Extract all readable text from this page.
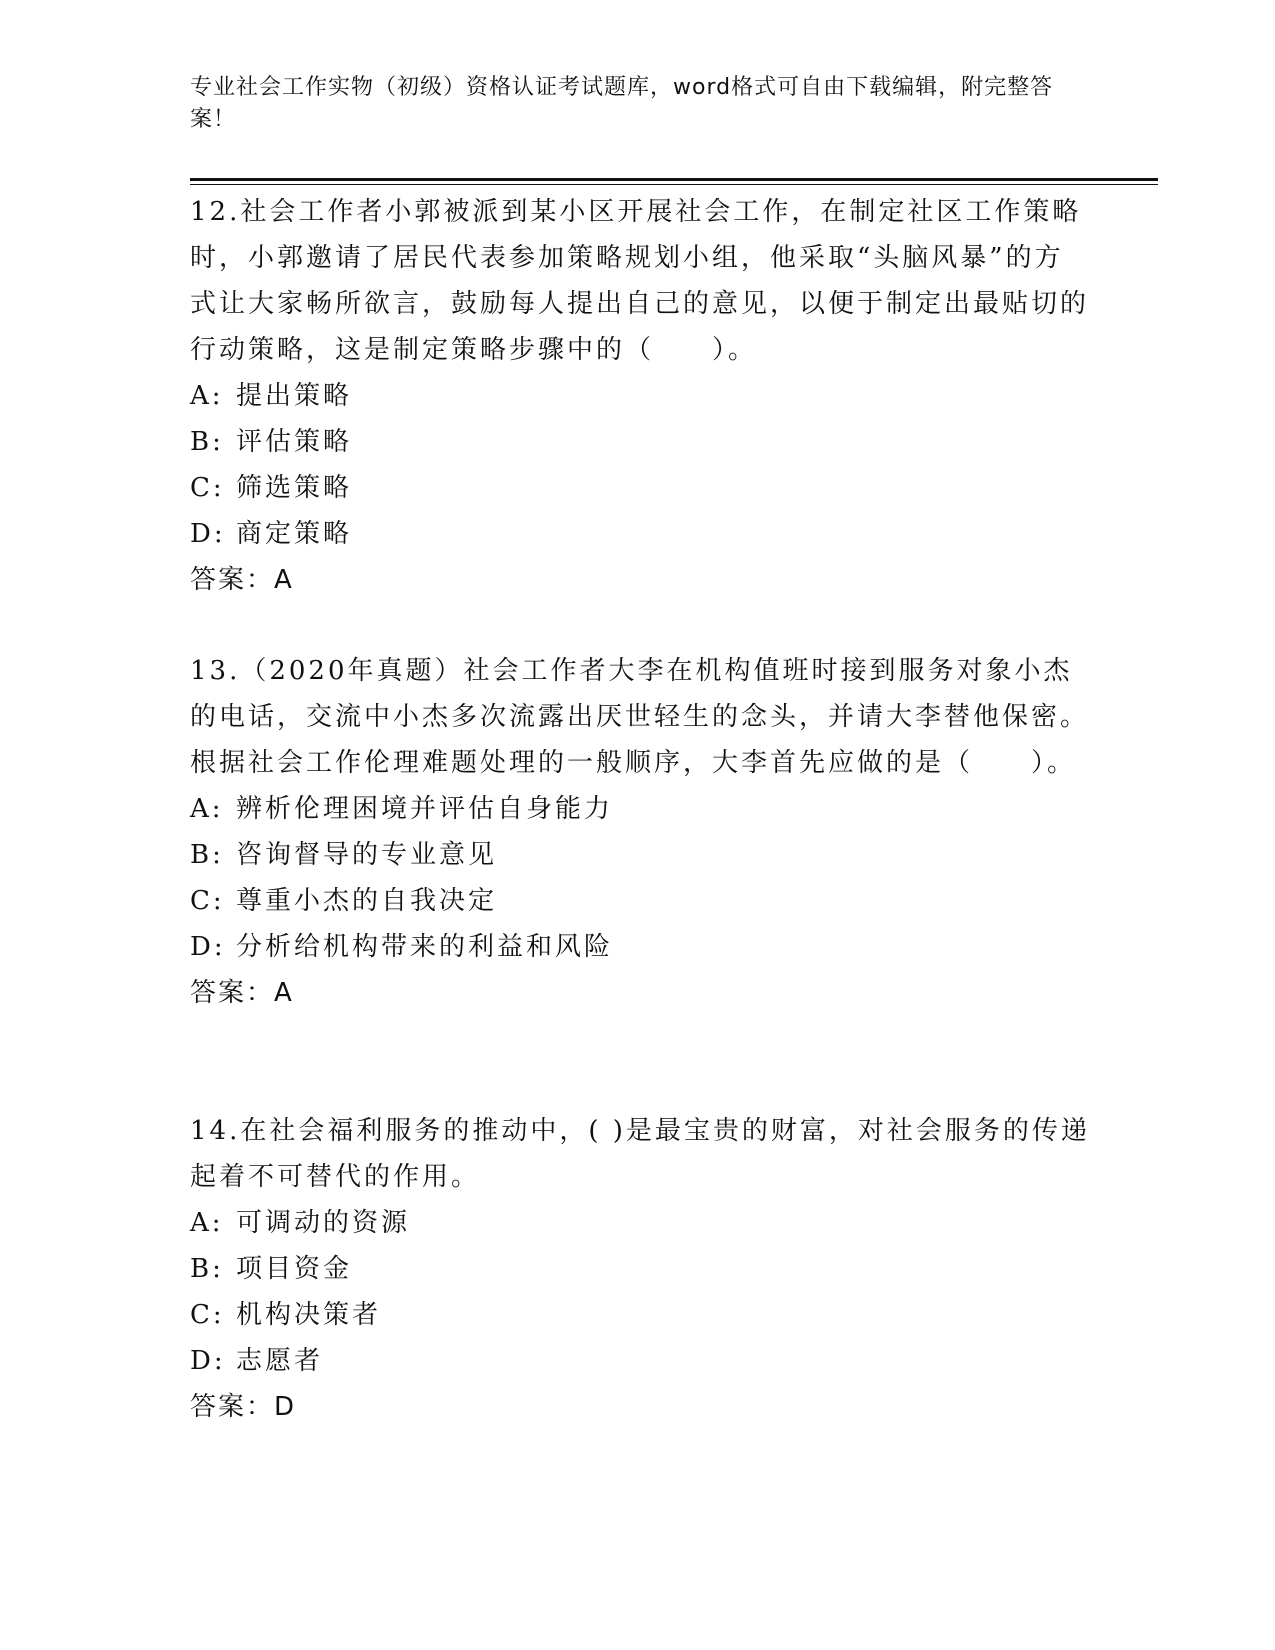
专业社会工作实物（初级）资格认证考试题库，word格式可自由下载编辑，附完整答案！

12.社会工作者小郭被派到某小区开展社会工作，在制定社区工作策略时，小郭邀请了居民代表参加策略规划小组，他采取“头脑风暴”的方式让大家畅所欲言，鼓励每人提出自己的意见，以便于制定出最贴切的行动策略，这是制定策略步骤中的（　　）。

A: 提出策略

B: 评估策略

C: 筛选策略

D: 商定策略

答案：A

13.（2020年真题）社会工作者大李在机构值班时接到服务对象小杰的电话，交流中小杰多次流露出厌世轻生的念头，并请大李替他保密。根据社会工作伦理难题处理的一般顺序，大李首先应做的是（　　）。

A: 辨析伦理困境并评估自身能力

B: 咨询督导的专业意见

C: 尊重小杰的自我决定

D: 分析给机构带来的利益和风险

答案：A

14.在社会福利服务的推动中，( )是最宝贵的财富，对社会服务的传递起着不可替代的作用。

A: 可调动的资源

B: 项目资金

C: 机构决策者

D: 志愿者

答案：D
